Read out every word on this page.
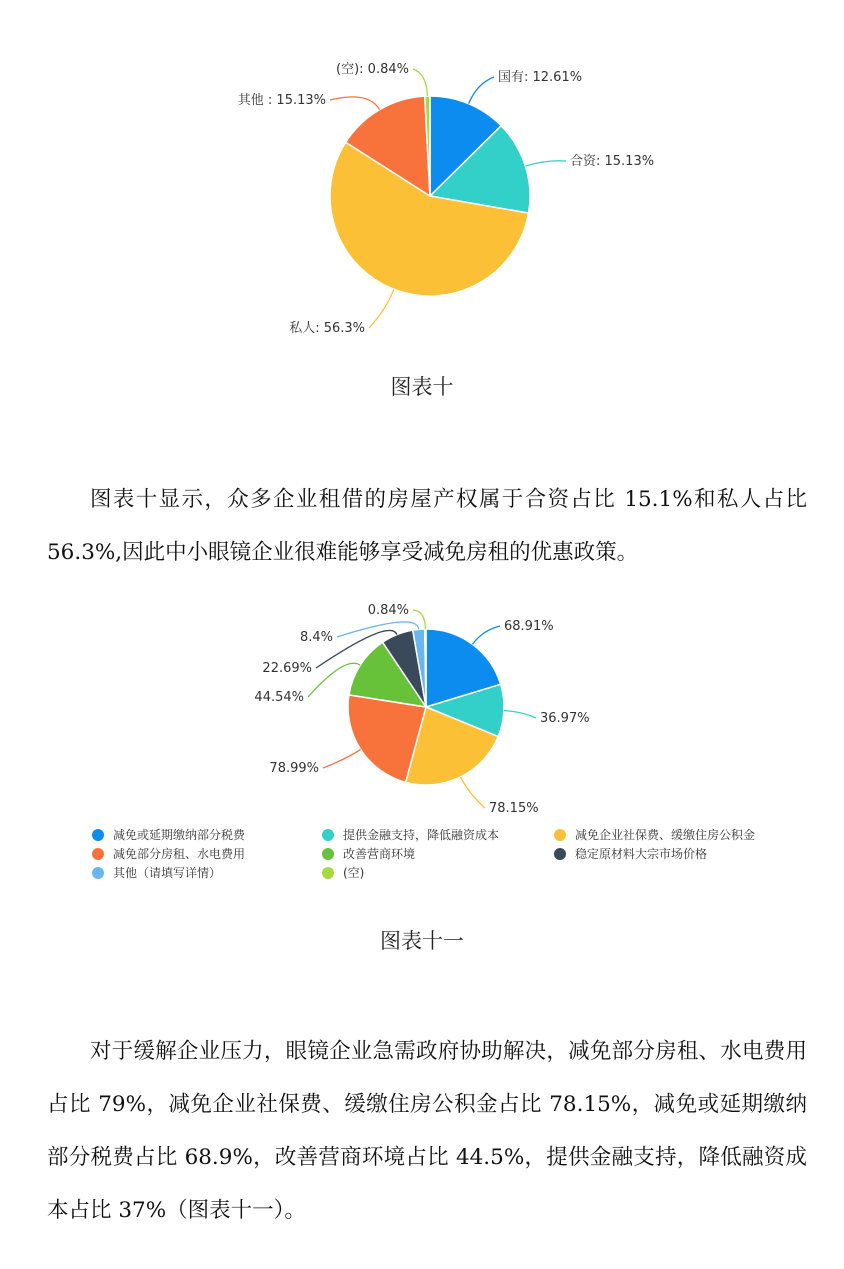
国有: 12.61%
合资: 15.13%
私人: 56.3%
其他 : 15.13%
(空): 0.84%
图表十

图表十显示，众多企业租借的房屋产权属于合资占比 15.1%和私人占比 56.3%,因此中小眼镜企业很难能够享受减免房租的优惠政策。

68.91%
36.97%
78.15%
78.99%
44.54%
22.69%
8.4%
0.84%
减免或延期缴纳部分税费	提供金融支持，降低融资成本	减免企业社保费、缓缴住房公积金
减免部分房租、水电费用	改善营商环境	稳定原材料大宗市场价格
其他（请填写详情）	(空)
图表十一

对于缓解企业压力，眼镜企业急需政府协助解决，减免部分房租、水电费用占比 79%，减免企业社保费、缓缴住房公积金占比 78.15%，减免或延期缴纳部分税费占比 68.9%，改善营商环境占比 44.5%，提供金融支持，降低融资成本占比 37%（图表十一）。
